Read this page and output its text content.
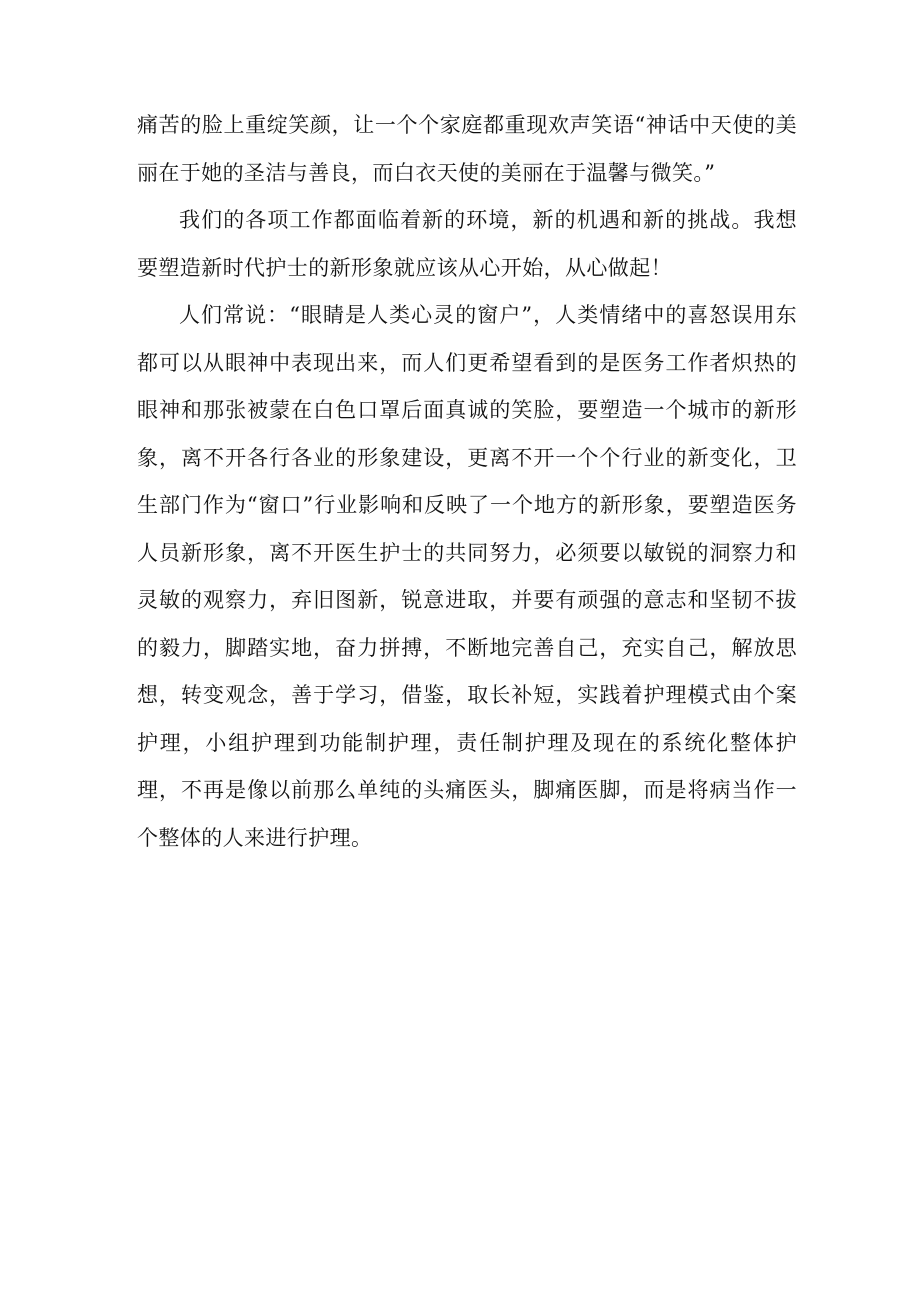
痛苦的脸上重绽笑颜，让一个个家庭都重现欢声笑语“神话中天使的美丽在于她的圣洁与善良，而白衣天使的美丽在于温馨与微笑。”

我们的各项工作都面临着新的环境，新的机遇和新的挑战。我想要塑造新时代护士的新形象就应该从心开始，从心做起！

人们常说：“眼睛是人类心灵的窗户”，人类情绪中的喜怒误用东都可以从眼神中表现出来，而人们更希望看到的是医务工作者炽热的眼神和那张被蒙在白色口罩后面真诚的笑脸，要塑造一个城市的新形象，离不开各行各业的形象建设，更离不开一个个行业的新变化，卫生部门作为“窗口”行业影响和反映了一个地方的新形象，要塑造医务人员新形象，离不开医生护士的共同努力，必须要以敏锐的洞察力和灵敏的观察力，弃旧图新，锐意进取，并要有顽强的意志和坚韧不拔的毅力，脚踏实地，奋力拼搏，不断地完善自己，充实自己，解放思想，转变观念，善于学习，借鉴，取长补短，实践着护理模式由个案护理，小组护理到功能制护理，责任制护理及现在的系统化整体护理，不再是像以前那么单纯的头痛医头，脚痛医脚，而是将病当作一个整体的人来进行护理。
